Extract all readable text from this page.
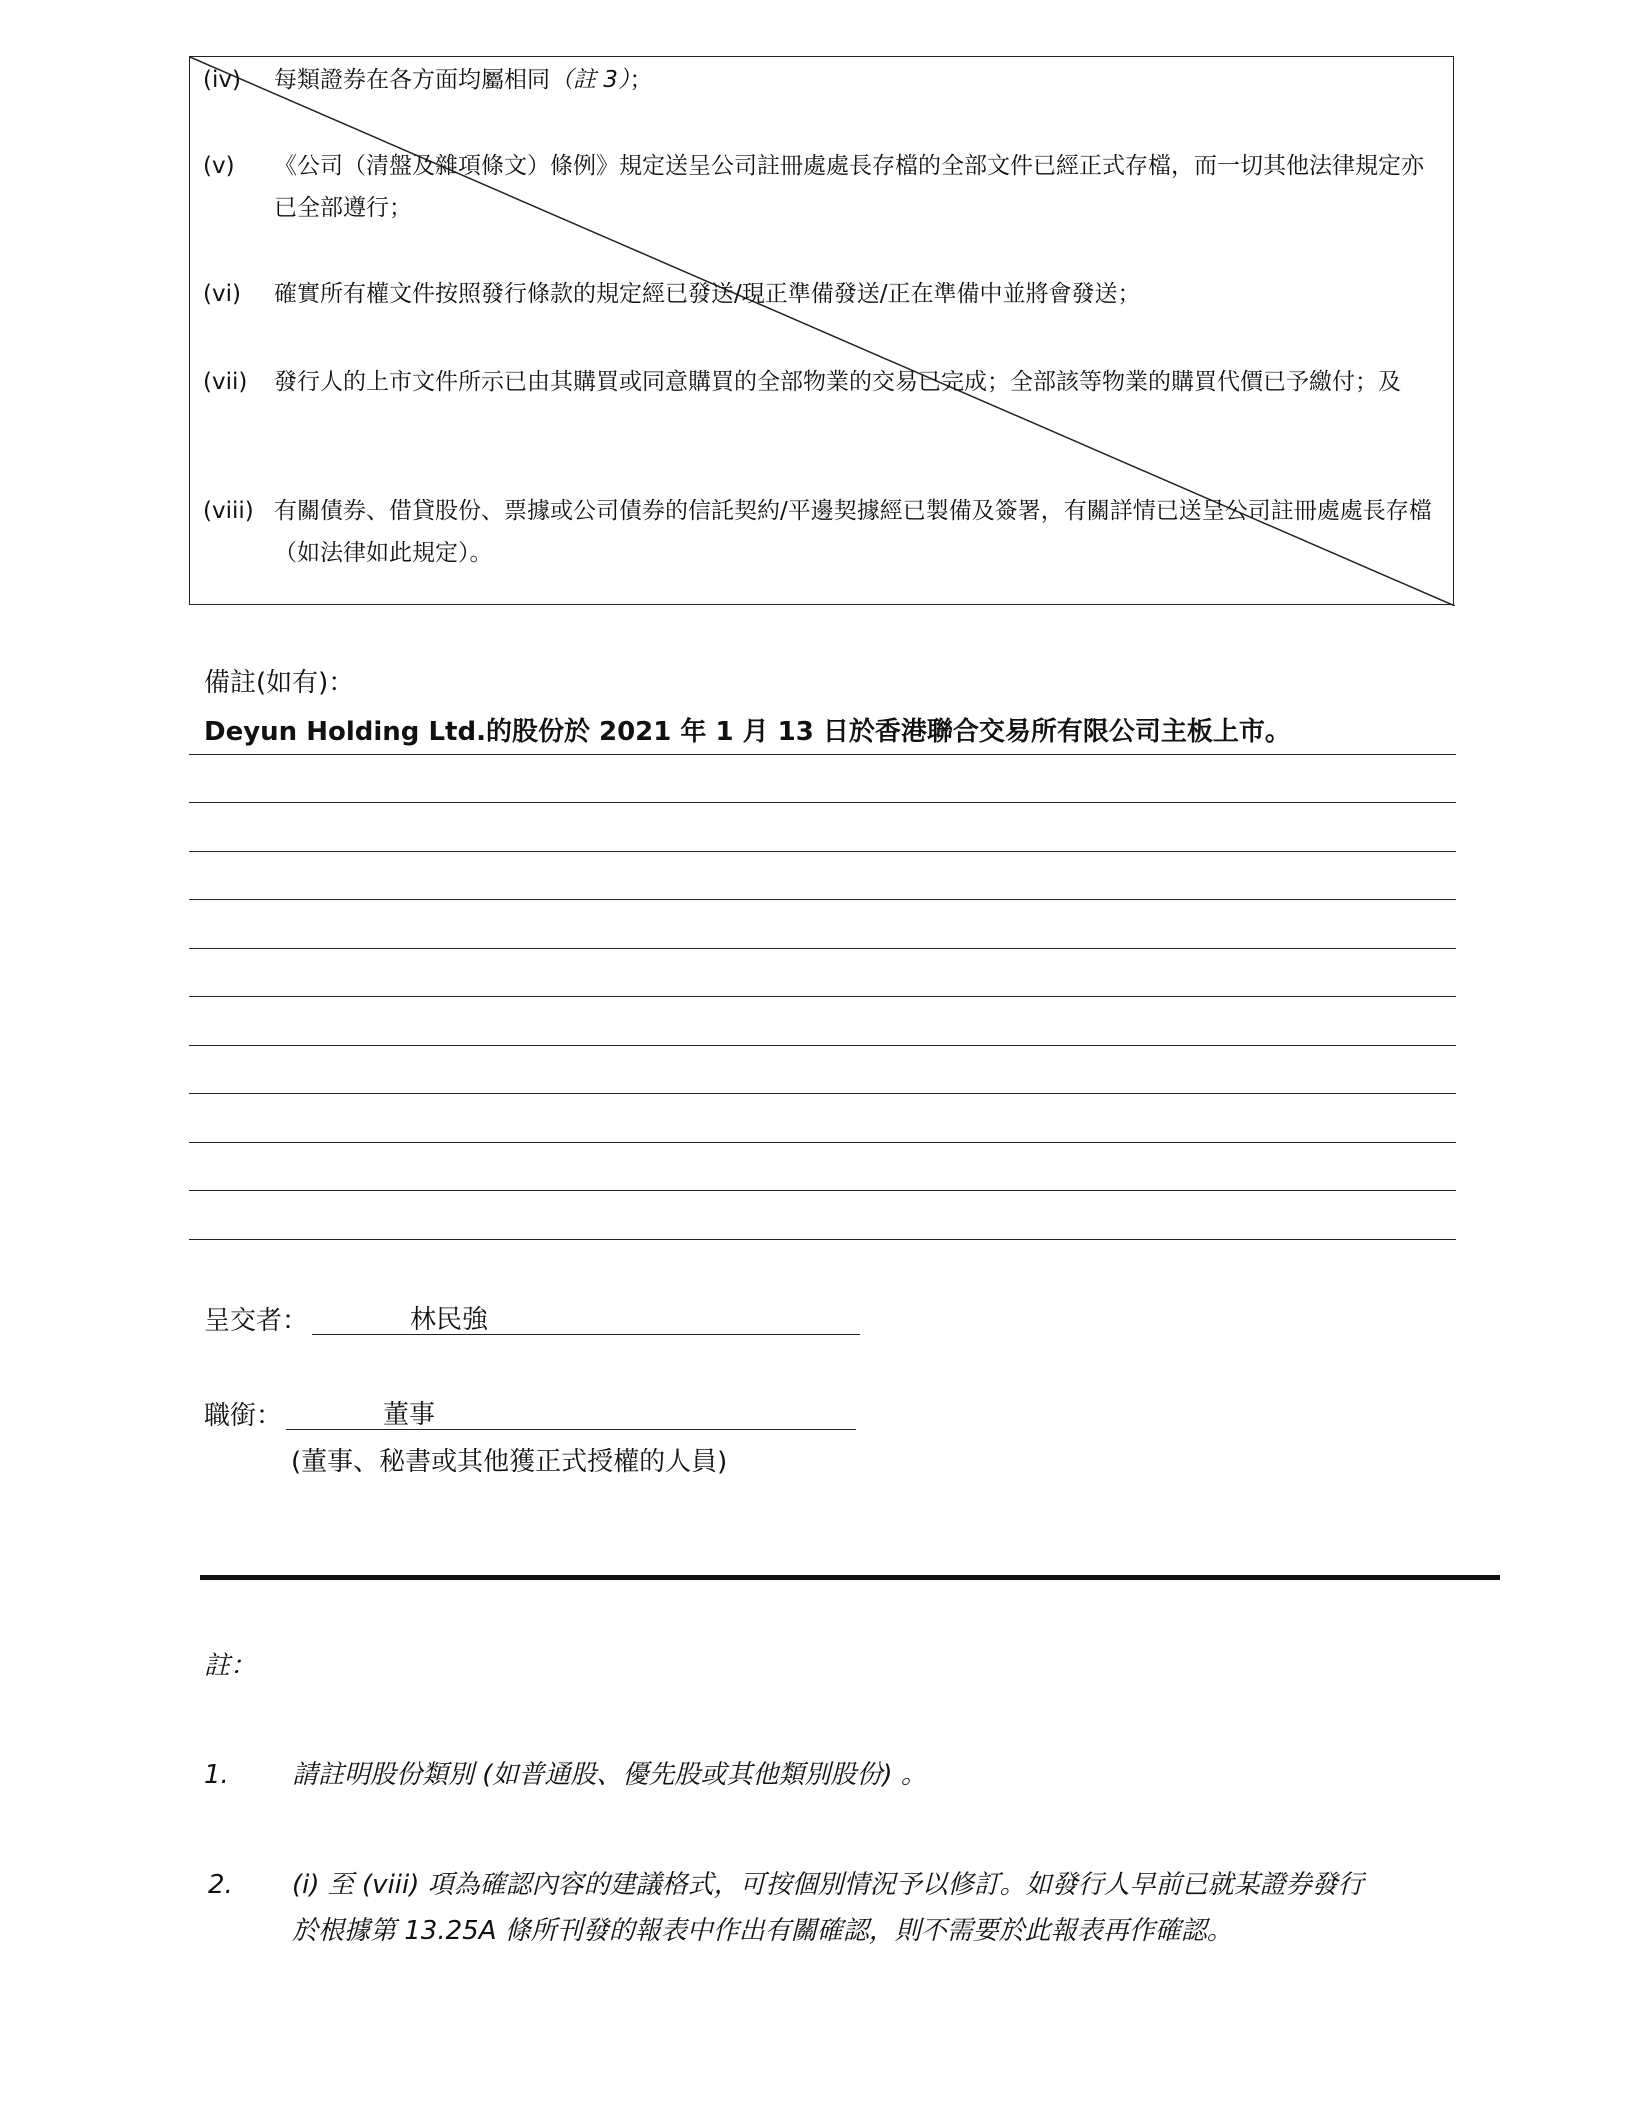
(iv) 每類證券在各方面均屬相同（註 3）；
(v) 《公司（清盤及雜項條文）條例》規定送呈公司註冊處處長存檔的全部文件已經正式存檔，而一切其他法律規定亦已全部遵行；
(vi) 確實所有權文件按照發行條款的規定經已發送/現正準備發送/正在準備中並將會發送；
(vii) 發行人的上市文件所示已由其購買或同意購買的全部物業的交易已完成；全部該等物業的購買代價已予繳付；及
(viii) 有關債券、借貸股份、票據或公司債券的信託契約/平邊契據經已製備及簽署，有關詳情已送呈公司註冊處處長存檔（如法律如此規定）。
備註(如有)：
Deyun Holding Ltd.的股份於 2021 年 1 月 13 日於香港聯合交易所有限公司主板上市。
呈交者：	林民強
職銜：	董事
(董事、秘書或其他獲正式授權的人員)
註：
1. 請註明股份類別 (如普通股、優先股或其他類別股份) 。
2. (i) 至 (viii) 項為確認內容的建議格式，可按個別情況予以修訂。如發行人早前已就某證券發行
於根據第 13.25A 條所刊發的報表中作出有關確認，則不需要於此報表再作確認。
